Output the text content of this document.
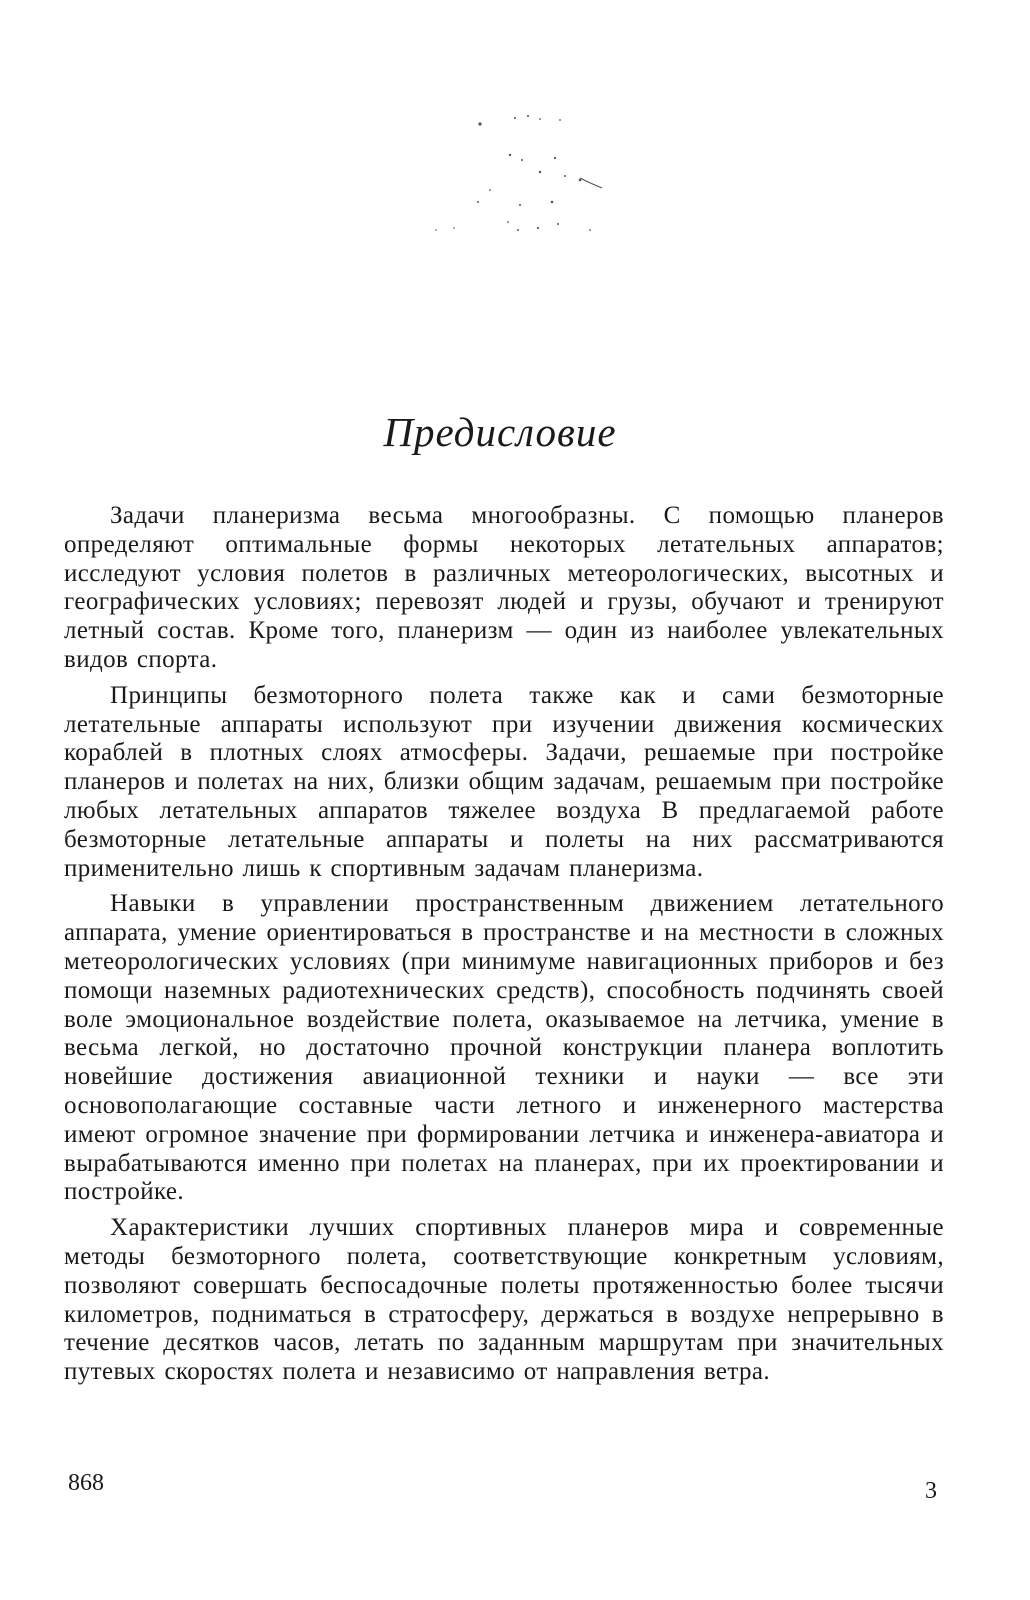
Предисловие

Задачи планеризма весьма многообразны. С помощью планеров определяют оптимальные формы некоторых летательных аппаратов; исследуют условия полетов в различных метеорологических, высотных и географических условиях; перевозят людей и грузы, обучают и тренируют летный состав. Кроме того, планеризм — один из наиболее увлекательных видов спорта.

Принципы безмоторного полета также как и сами безмоторные летательные аппараты используют при изучении движения космических кораблей в плотных слоях атмосферы. Задачи, решаемые при постройке планеров и полетах на них, близки общим задачам, решаемым при постройке любых летательных аппаратов тяжелее воздуха В предлагаемой работе безмоторные летательные аппараты и полеты на них рассматриваются применительно лишь к спортивным задачам планеризма.

Навыки в управлении пространственным движением летательного аппарата, умение ориентироваться в пространстве и на местности в сложных метеорологических условиях (при минимуме навигационных приборов и без помощи наземных радиотехнических средств), способность подчинять своей воле эмоциональное воздействие полета, оказываемое на летчика, умение в весьма легкой, но достаточно прочной конструкции планера воплотить новейшие достижения авиационной техники и науки — все эти основополагающие составные части летного и инженерного мастерства имеют огромное значение при формировании летчика и инженера-авиатора и вырабатываются именно при полетах на планерах, при их проектировании и постройке.

Характеристики лучших спортивных планеров мира и современные методы безмоторного полета, соответствующие конкретным условиям, позволяют совершать беспосадочные полеты протяженностью более тысячи километров, подниматься в стратосферу, держаться в воздухе непрерывно в течение десятков часов, летать по заданным маршрутам при значительных путевых скоростях полета и независимо от направления ветра.

868	3
